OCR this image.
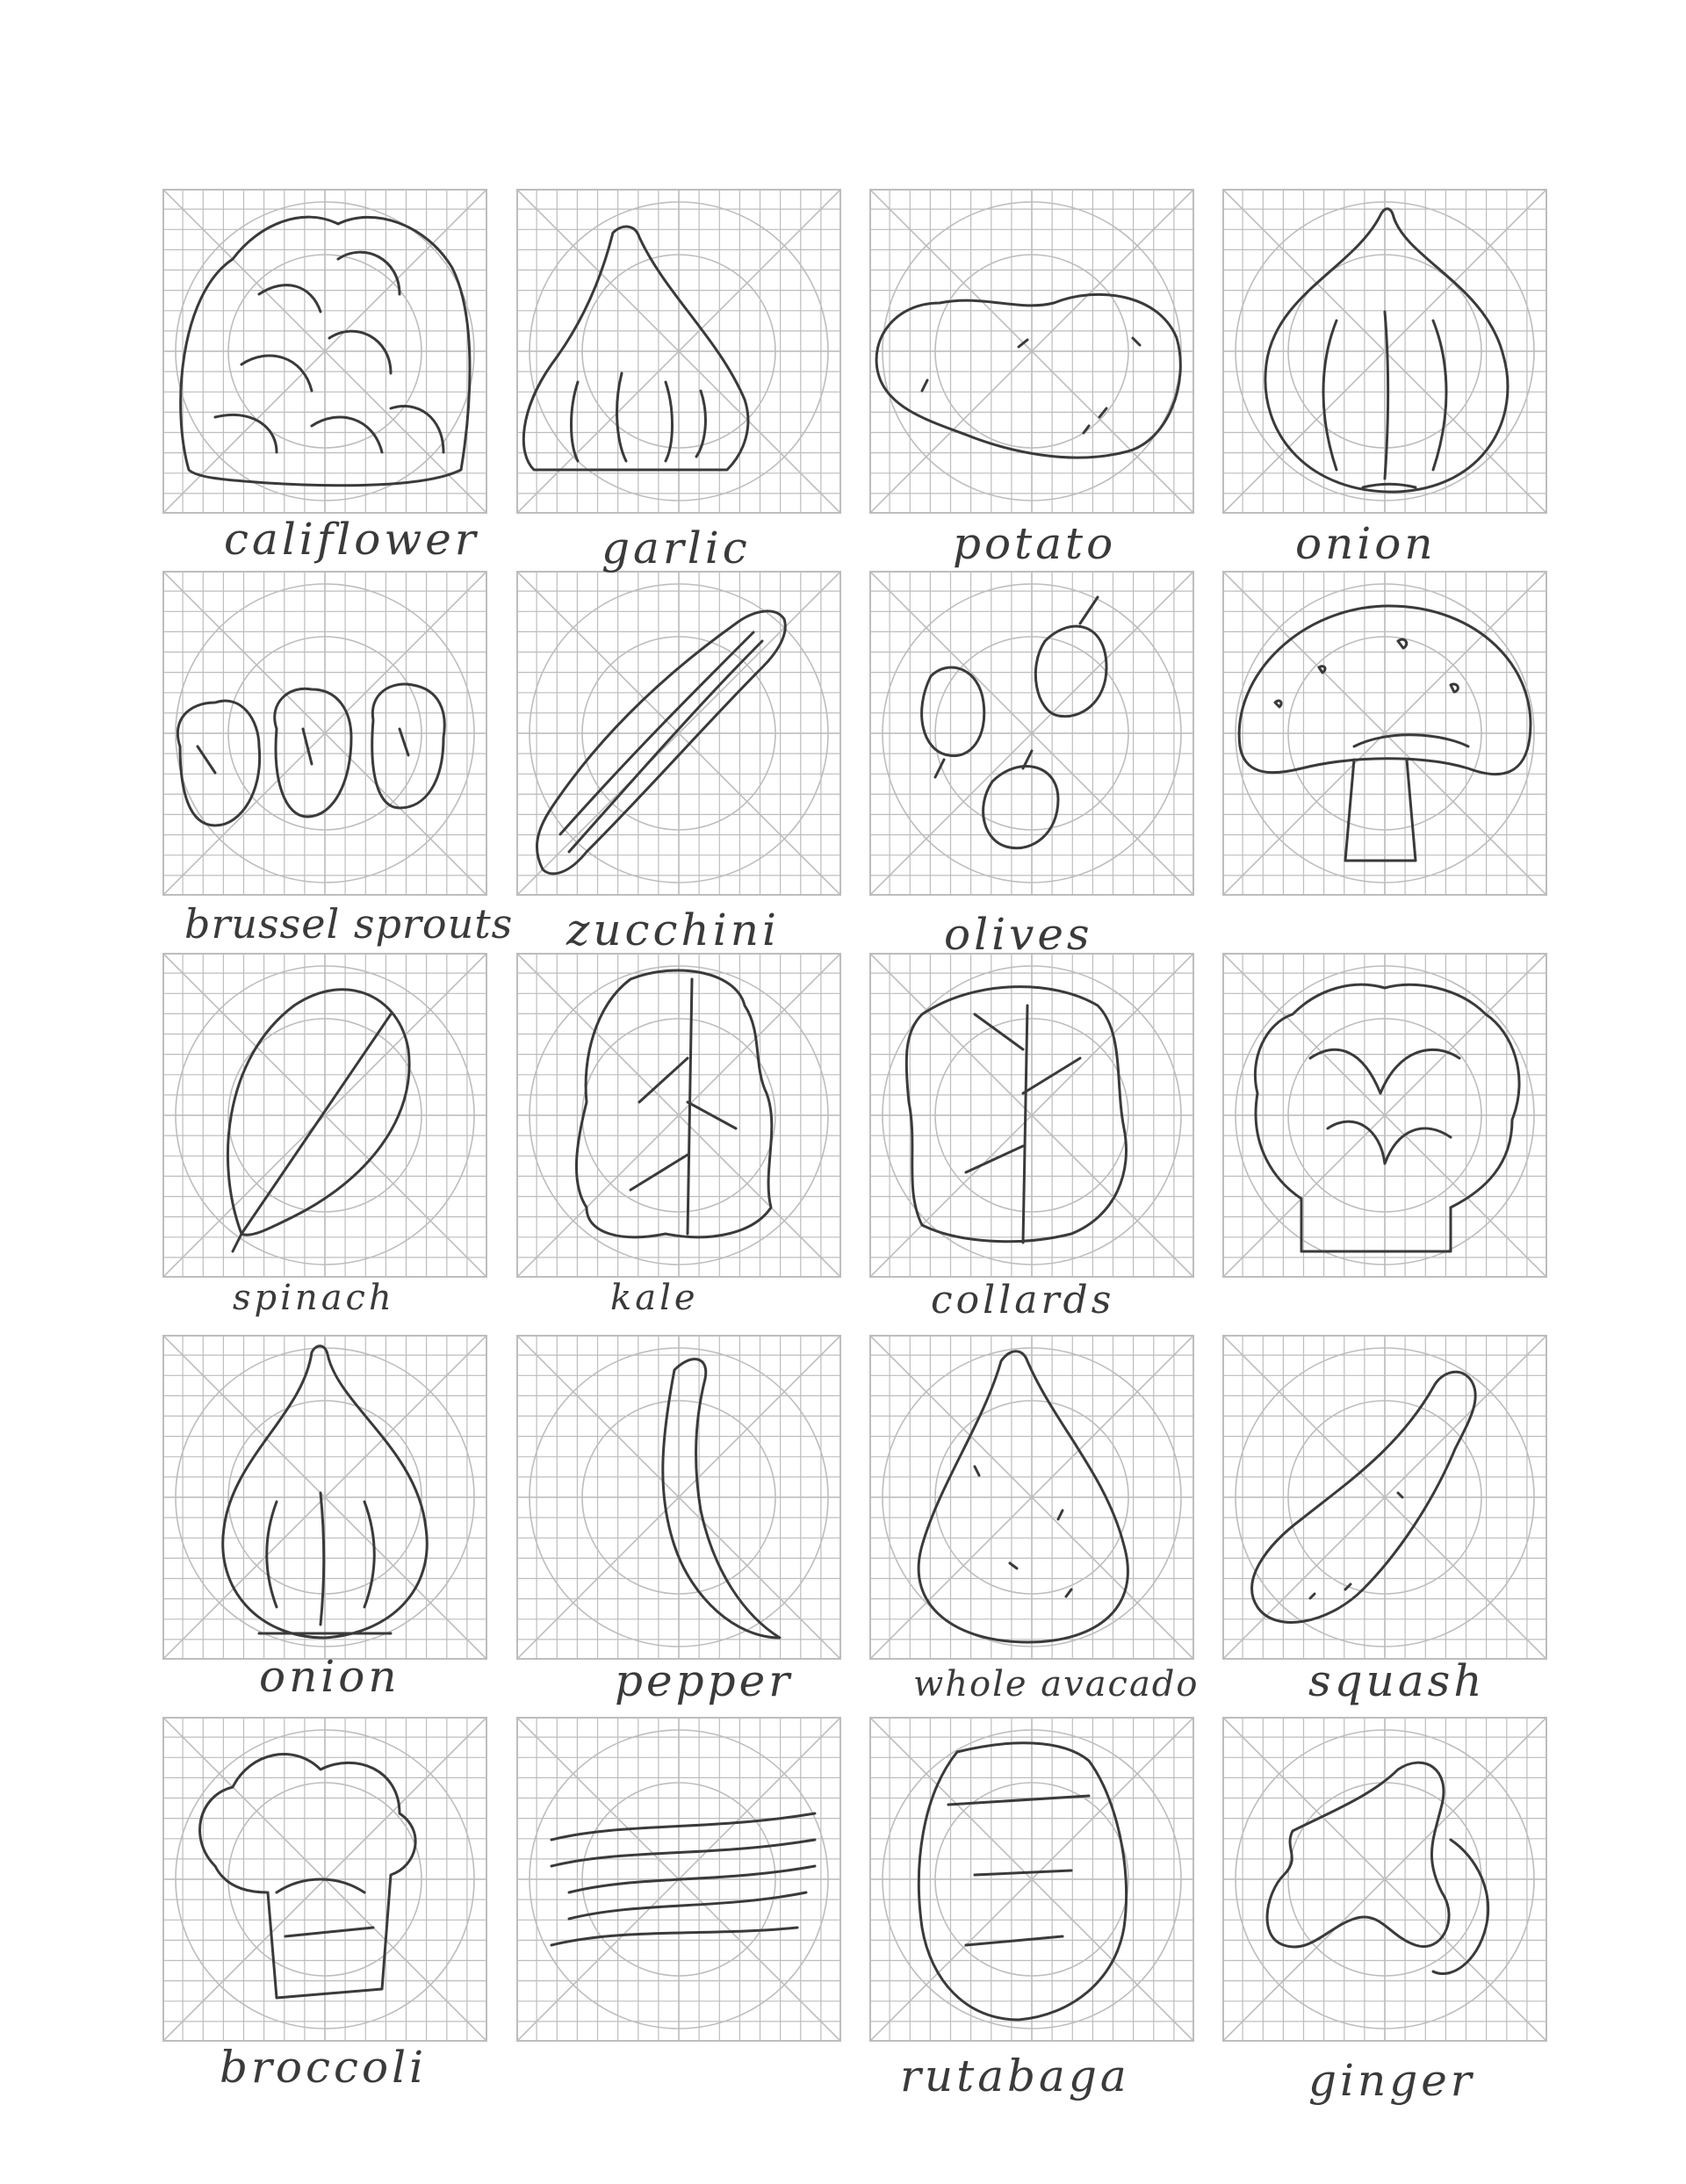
califlower	garlic	potato	onion
brussel sprouts zucchini	olives
spinach	kale	collards
onion	pepper	whole avacado squash
broccoli	rutabaga	ginger
